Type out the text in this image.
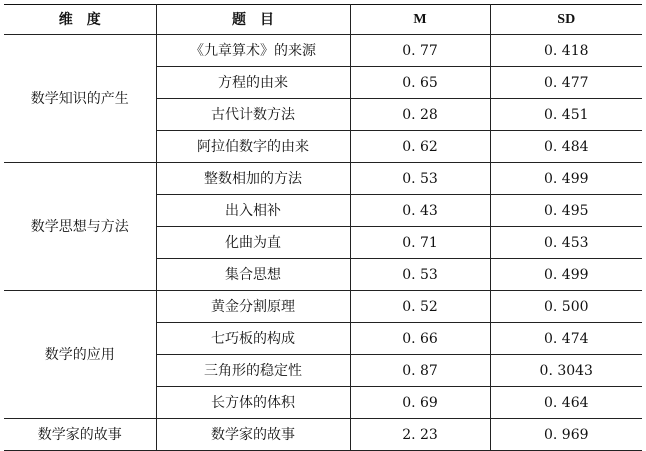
维　度	题　目	M	SD
数学知识的产生	《九章算术》的来源	0. 77	0. 418
	方程的由来	0. 65	0. 477
	古代计数方法	0. 28	0. 451
	阿拉伯数字的由来	0. 62	0. 484
数学思想与方法	整数相加的方法	0. 53	0. 499
	出入相补	0. 43	0. 495
	化曲为直	0. 71	0. 453
	集合思想	0. 53	0. 499
数学的应用	黄金分割原理	0. 52	0. 500
	七巧板的构成	0. 66	0. 474
	三角形的稳定性	0. 87	0. 3043
	长方体的体积	0. 69	0. 464
数学家的故事	数学家的故事	2. 23	0. 969
